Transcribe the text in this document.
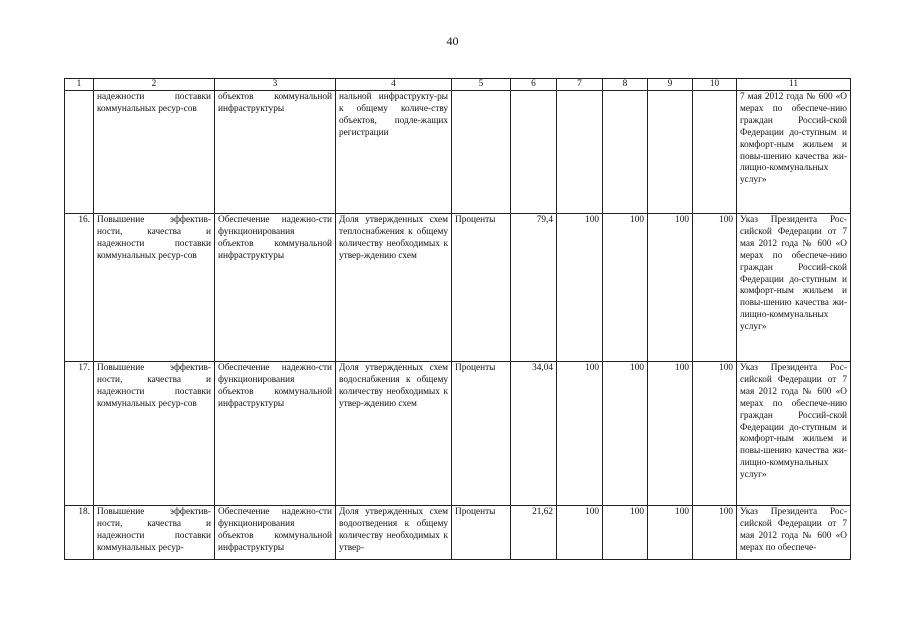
40
1	2	3	4	5	6	7	8	9	10	11
	надежности поставки коммунальных ресур-сов	объектов коммунальной инфраструктуры	нальной инфраструкту-ры к общему количе-ству объектов, подле-жащих регистрации							7 мая 2012 года № 600 «О мерах по обеспече-нию граждан Россий-ской Федерации до-ступным и комфорт-ным жильем и повы-шению качества жи-лищно-коммунальных услуг»
16.	Повышение эффектив-ности, качества и надежности поставки коммунальных ресур-сов	Обеспечение надежно-сти функционирования объектов коммунальной инфраструктуры	Доля утвержденных схем теплоснабжения к общему количеству необходимых к утвер-ждению схем	Проценты	79,4	100	100	100	100	Указ Президента Рос-сийской Федерации от 7 мая 2012 года № 600 «О мерах по обеспече-нию граждан Россий-ской Федерации до-ступным и комфорт-ным жильем и повы-шению качества жи-лищно-коммунальных услуг»
17.	Повышение эффектив-ности, качества и надежности поставки коммунальных ресур-сов	Обеспечение надежно-сти функционирования объектов коммунальной инфраструктуры	Доля утвержденных схем водоснабжения к общему количеству необходимых к утвер-ждению схем	Проценты	34,04	100	100	100	100	Указ Президента Рос-сийской Федерации от 7 мая 2012 года № 600 «О мерах по обеспече-нию граждан Россий-ской Федерации до-ступным и комфорт-ным жильем и повы-шению качества жи-лищно-коммунальных услуг»
18.	Повышение эффектив-ности, качества и надежности поставки коммунальных ресур-	Обеспечение надежно-сти функционирования объектов коммунальной инфраструктуры	Доля утвержденных схем водоотведения к общему количеству необходимых к утвер-	Проценты	21,62	100	100	100	100	Указ Президента Рос-сийской Федерации от 7 мая 2012 года № 600 «О мерах по обеспече-
